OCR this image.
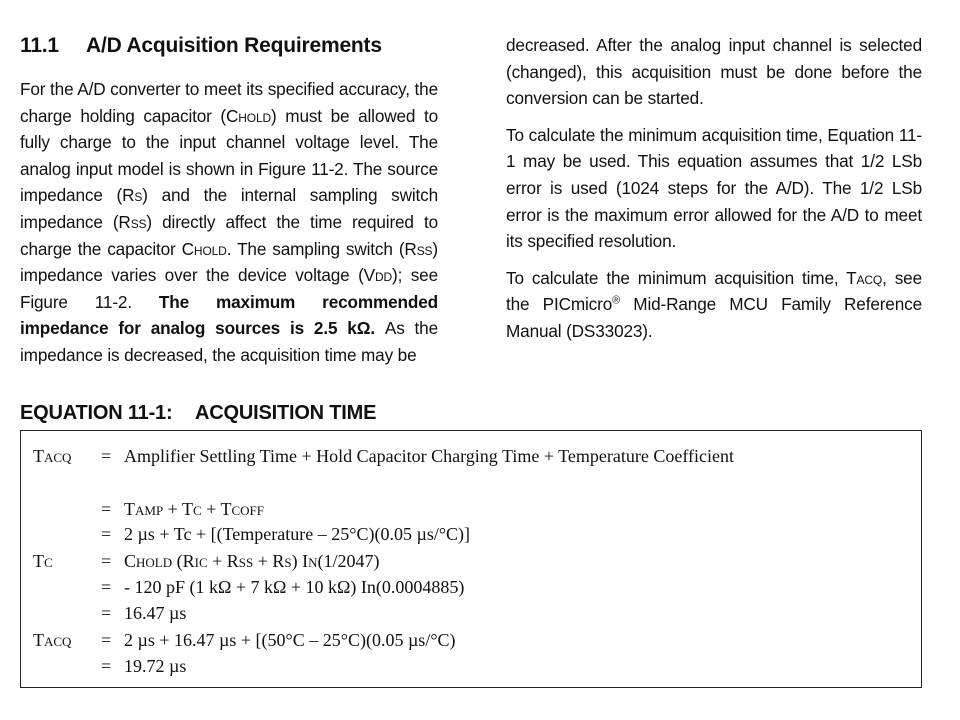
11.1 A/D Acquisition Requirements

For the A/D converter to meet its specified accuracy, the charge holding capacitor (Chold) must be allowed to fully charge to the input channel voltage level. The analog input model is shown in Figure 11-2. The source impedance (Rs) and the internal sampling switch impedance (Rss) directly affect the time required to charge the capacitor Chold. The sampling switch (Rss) impedance varies over the device voltage (Vdd); see Figure 11-2. The maximum recommended impedance for analog sources is 2.5 kΩ. As the impedance is decreased, the acquisition time may be

decreased. After the analog input channel is selected (changed), this acquisition must be done before the conversion can be started.

To calculate the minimum acquisition time, Equation 11-1 may be used. This equation assumes that 1/2 LSb error is used (1024 steps for the A/D). The 1/2 LSb error is the maximum error allowed for the A/D to meet its specified resolution.

To calculate the minimum acquisition time, Tacq, see the PICmicro® Mid-Range MCU Family Reference Manual (DS33023).

EQUATION 11-1: ACQUISITION TIME
Tacq = Amplifier Settling Time + Hold Capacitor Charging Time + Temperature Coefficient
= Tamp + Tc + Tcoff
= 2 µs + Tc + [(Temperature – 25°C)(0.05 µs/°C)]
Tc	= Chold (Ric + Rss + Rs) In(1/2047)
= - 120 pF (1 kΩ + 7 kΩ + 10 kΩ) In(0.0004885)
= 16.47 µs
Tacq = 2 µs + 16.47 µs + [(50°C – 25°C)(0.05 µs/°C)
= 19.72 µs
